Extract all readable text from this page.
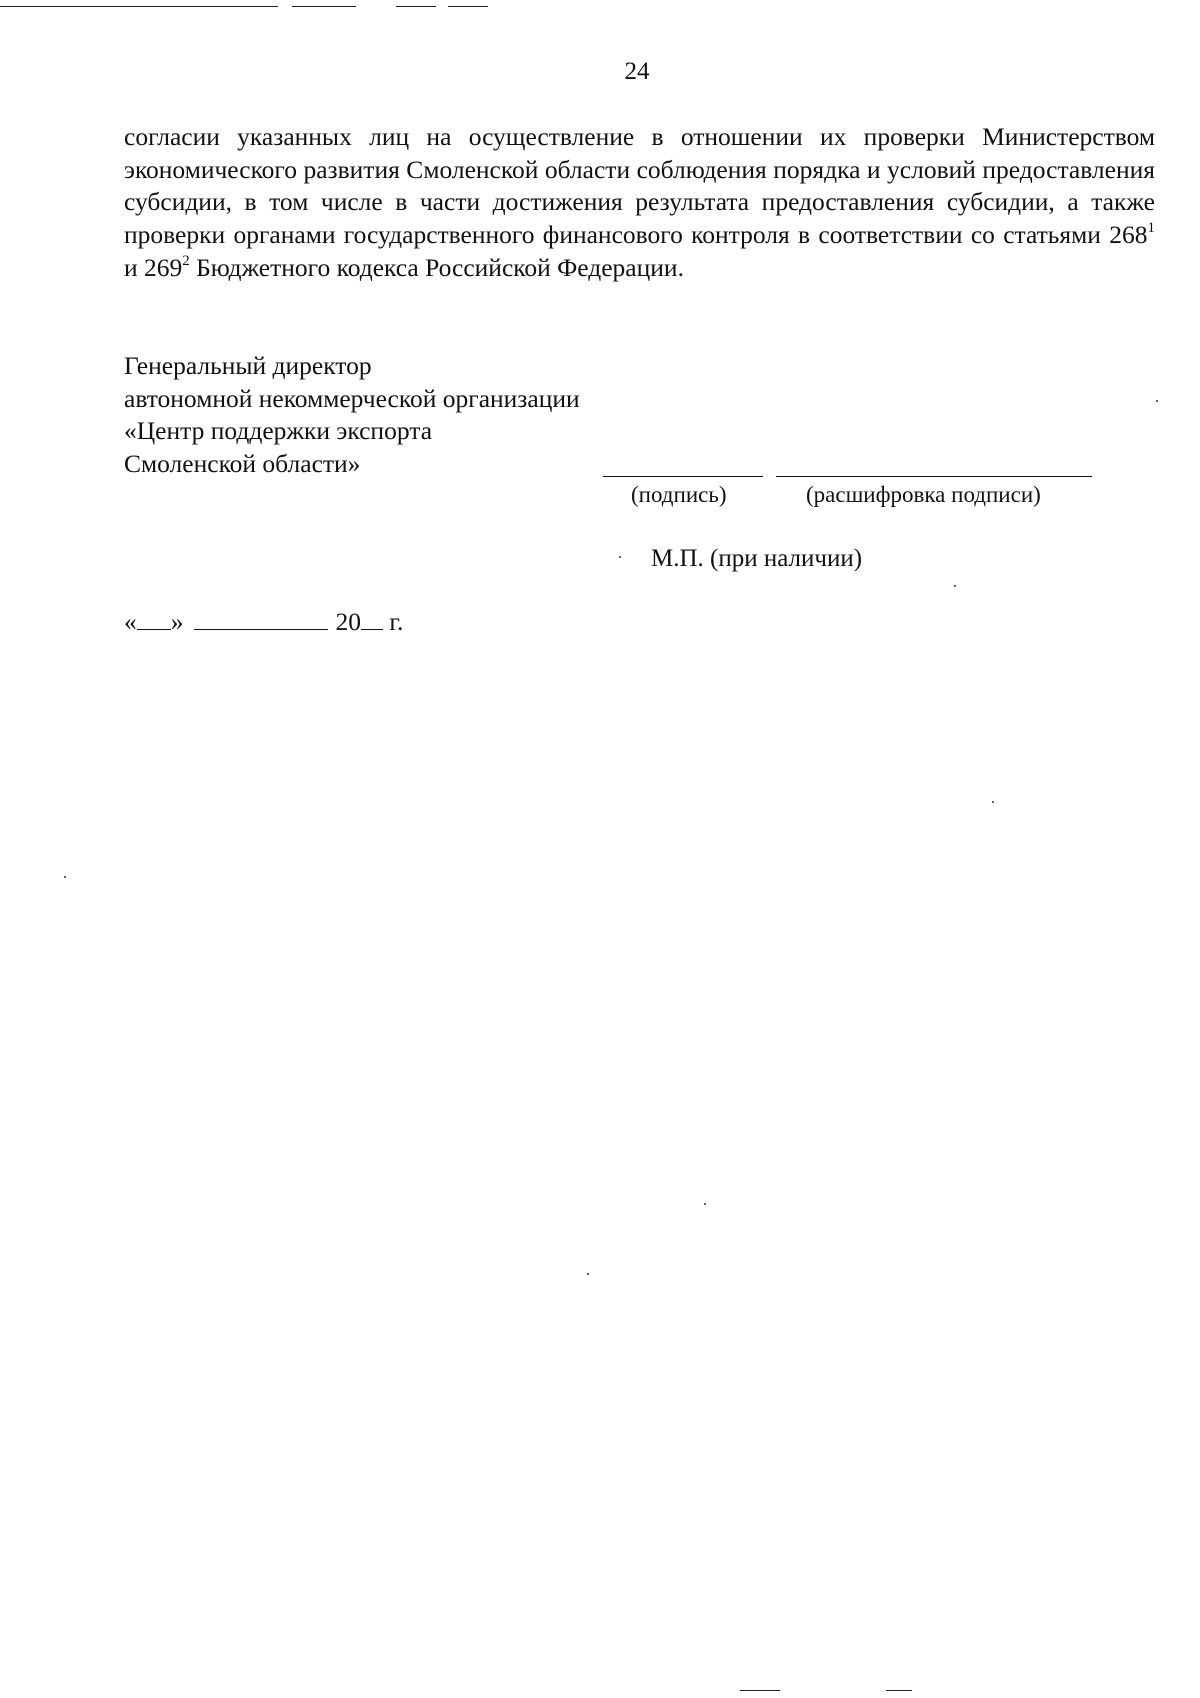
24

согласии указанных лиц на осуществление в отношении их проверки Министерством экономического развития Смоленской области соблюдения порядка и условий предоставления субсидии, в том числе в части достижения результата предоставления субсидии, а также проверки органами государственного финансового контроля в соответствии со статьями $268^1$ и $269^2$ Бюджетного кодекса Российской Федерации.

Генеральный директор
автономной некоммерческой организации
«Центр поддержки экспорта
Смоленской области»
(подпись)	(расшифровка подписи)
М.П. (при наличии)
« »	20 г.
